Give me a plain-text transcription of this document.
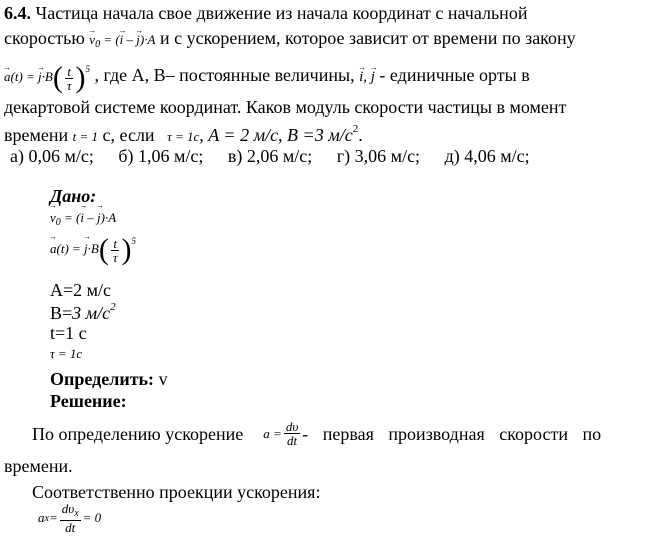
6.4. Частица начала свое движение из начала координат с начальной
скоростью → $v_0$ = (→ i – → j)·A и с ускорением, которое зависит от времени по закону
→ a(t) = → $j\cdot B( \frac{t}{\tau} )^5$ , где А, В– постоянные величины, → i, → j - единичные орты в
декартовой системе координат. Каков модуль скорости частицы в момент
времени t = 1 с, если τ = 1c, A = 2 м/с, B =3 $м/с^2$.
а) 0,06 м/с; б) 1,06 м/с; в) 2,06 м/с; г) 3,06 м/с; д) 4,06 м/с;
Дано:
→ $v_0$ = (→ i – → j)·A
→ a(t) = → $j\cdot B( \frac{t}{\tau} )^5$
A=2 м/с
B=3 $м/с^2$
t=1 c
τ = 1c
Определить: v
Решение:
По определению ускорение $a = \frac{d\upsilon}{dt}$ - первая производная скорости по
времени.
Соответственно проекции ускорения:
a $x = \frac{d\upsilon_x}{dt} = 0$
